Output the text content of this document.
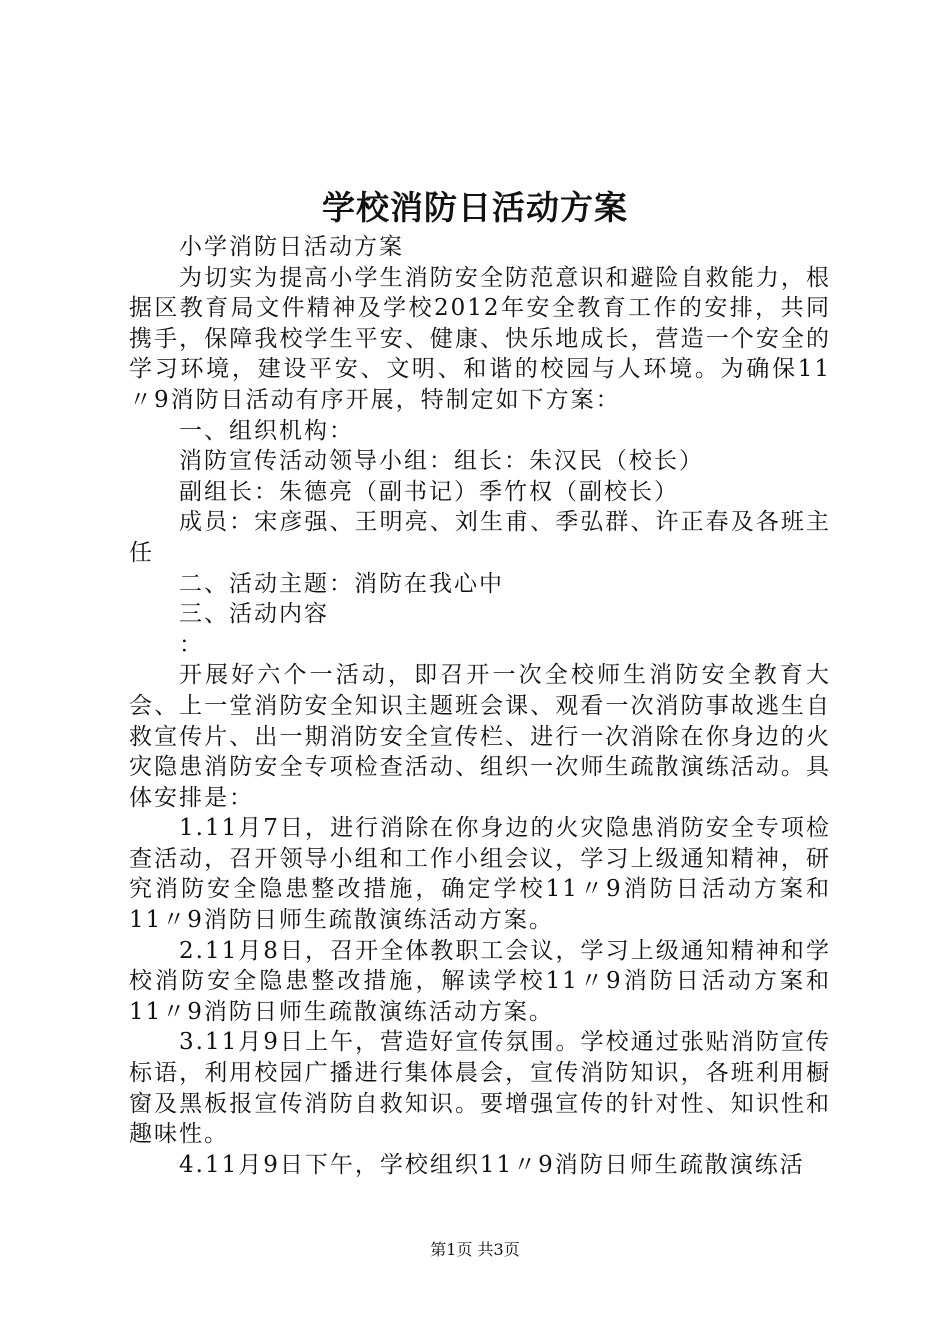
学校消防日活动方案

小学消防日活动方案

为切实为提高小学生消防安全防范意识和避险自救能力，根据区教育局文件精神及学校2012年安全教育工作的安排，共同携手，保障我校学生平安、健康、快乐地成长，营造一个安全的学习环境，建设平安、文明、和谐的校园与人环境。为确保11〃9消防日活动有序开展，特制定如下方案：

一、组织机构：

消防宣传活动领导小组：组长：朱汉民（校长）

副组长：朱德亮（副书记）季竹权（副校长）

成员：宋彦强、王明亮、刘生甫、季弘群、许正春及各班主任

二、活动主题：消防在我心中

三、活动内容

：

开展好六个一活动，即召开一次全校师生消防安全教育大会、上一堂消防安全知识主题班会课、观看一次消防事故逃生自救宣传片、出一期消防安全宣传栏、进行一次消除在你身边的火灾隐患消防安全专项检查活动、组织一次师生疏散演练活动。具体安排是：

1.11月7日，进行消除在你身边的火灾隐患消防安全专项检查活动，召开领导小组和工作小组会议，学习上级通知精神，研究消防安全隐患整改措施，确定学校11〃9消防日活动方案和11〃9消防日师生疏散演练活动方案。

2.11月8日，召开全体教职工会议，学习上级通知精神和学校消防安全隐患整改措施，解读学校11〃9消防日活动方案和11〃9消防日师生疏散演练活动方案。

3.11月9日上午，营造好宣传氛围。学校通过张贴消防宣传标语，利用校园广播进行集体晨会，宣传消防知识，各班利用橱窗及黑板报宣传消防自救知识。要增强宣传的针对性、知识性和趣味性。

4.11月9日下午，学校组织11〃9消防日师生疏散演练活

第1页 共3页
